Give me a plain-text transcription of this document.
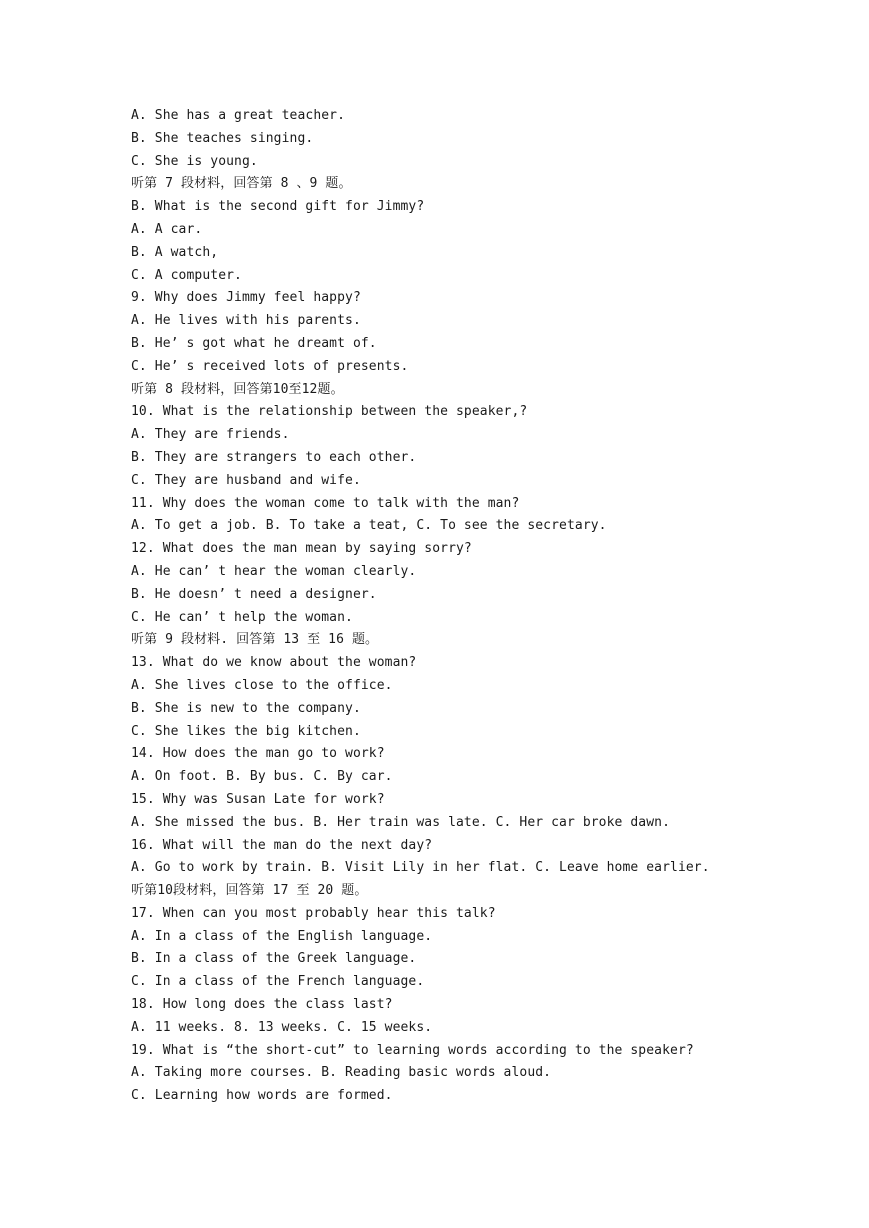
A. She has a great teacher.
B. She teaches singing.
C. She is young.
听第 7 段材料，回答第 8 、9 题。
B. What is the second gift for Jimmy?
A. A car.
B. A watch,
C. A computer.
9. Why does Jimmy feel happy?
A. He lives with his parents.
B. He’ s got what he dreamt of.
C. He’ s received lots of presents.
听第 8 段材料，回答第10至12题。
10. What is the relationship between the speaker,?
A. They are friends.
B. They are strangers to each other.
C. They are husband and wife.
11. Why does the woman come to talk with the man?
A. To get a job. B. To take a teat, C. To see the secretary.
12. What does the man mean by saying sorry?
A. He can’ t hear the woman clearly.
B. He doesn’ t need a designer.
C. He can’ t help the woman.
听第 9 段材料. 回答第 13 至 16 题。
13. What do we know about the woman?
A. She lives close to the office.
B. She is new to the company.
C. She likes the big kitchen.
14. How does the man go to work?
A. On foot. B. By bus. C. By car.
15. Why was Susan Late for work?
A. She missed the bus. B. Her train was late. C. Her car broke dawn.
16. What will the man do the next day?
A. Go to work by train. B. Visit Lily in her flat. C. Leave home earlier.
听第10段材料，回答第 17 至 20 题。
17. When can you most probably hear this talk?
A. In a class of the English language.
B. In a class of the Greek language.
C. In a class of the French language.
18. How long does the class last?
A. 11 weeks. 8. 13 weeks. C. 15 weeks.
19. What is “the short-cut” to learning words according to the speaker?
A. Taking more courses. B. Reading basic words aloud.
C. Learning how words are formed.
